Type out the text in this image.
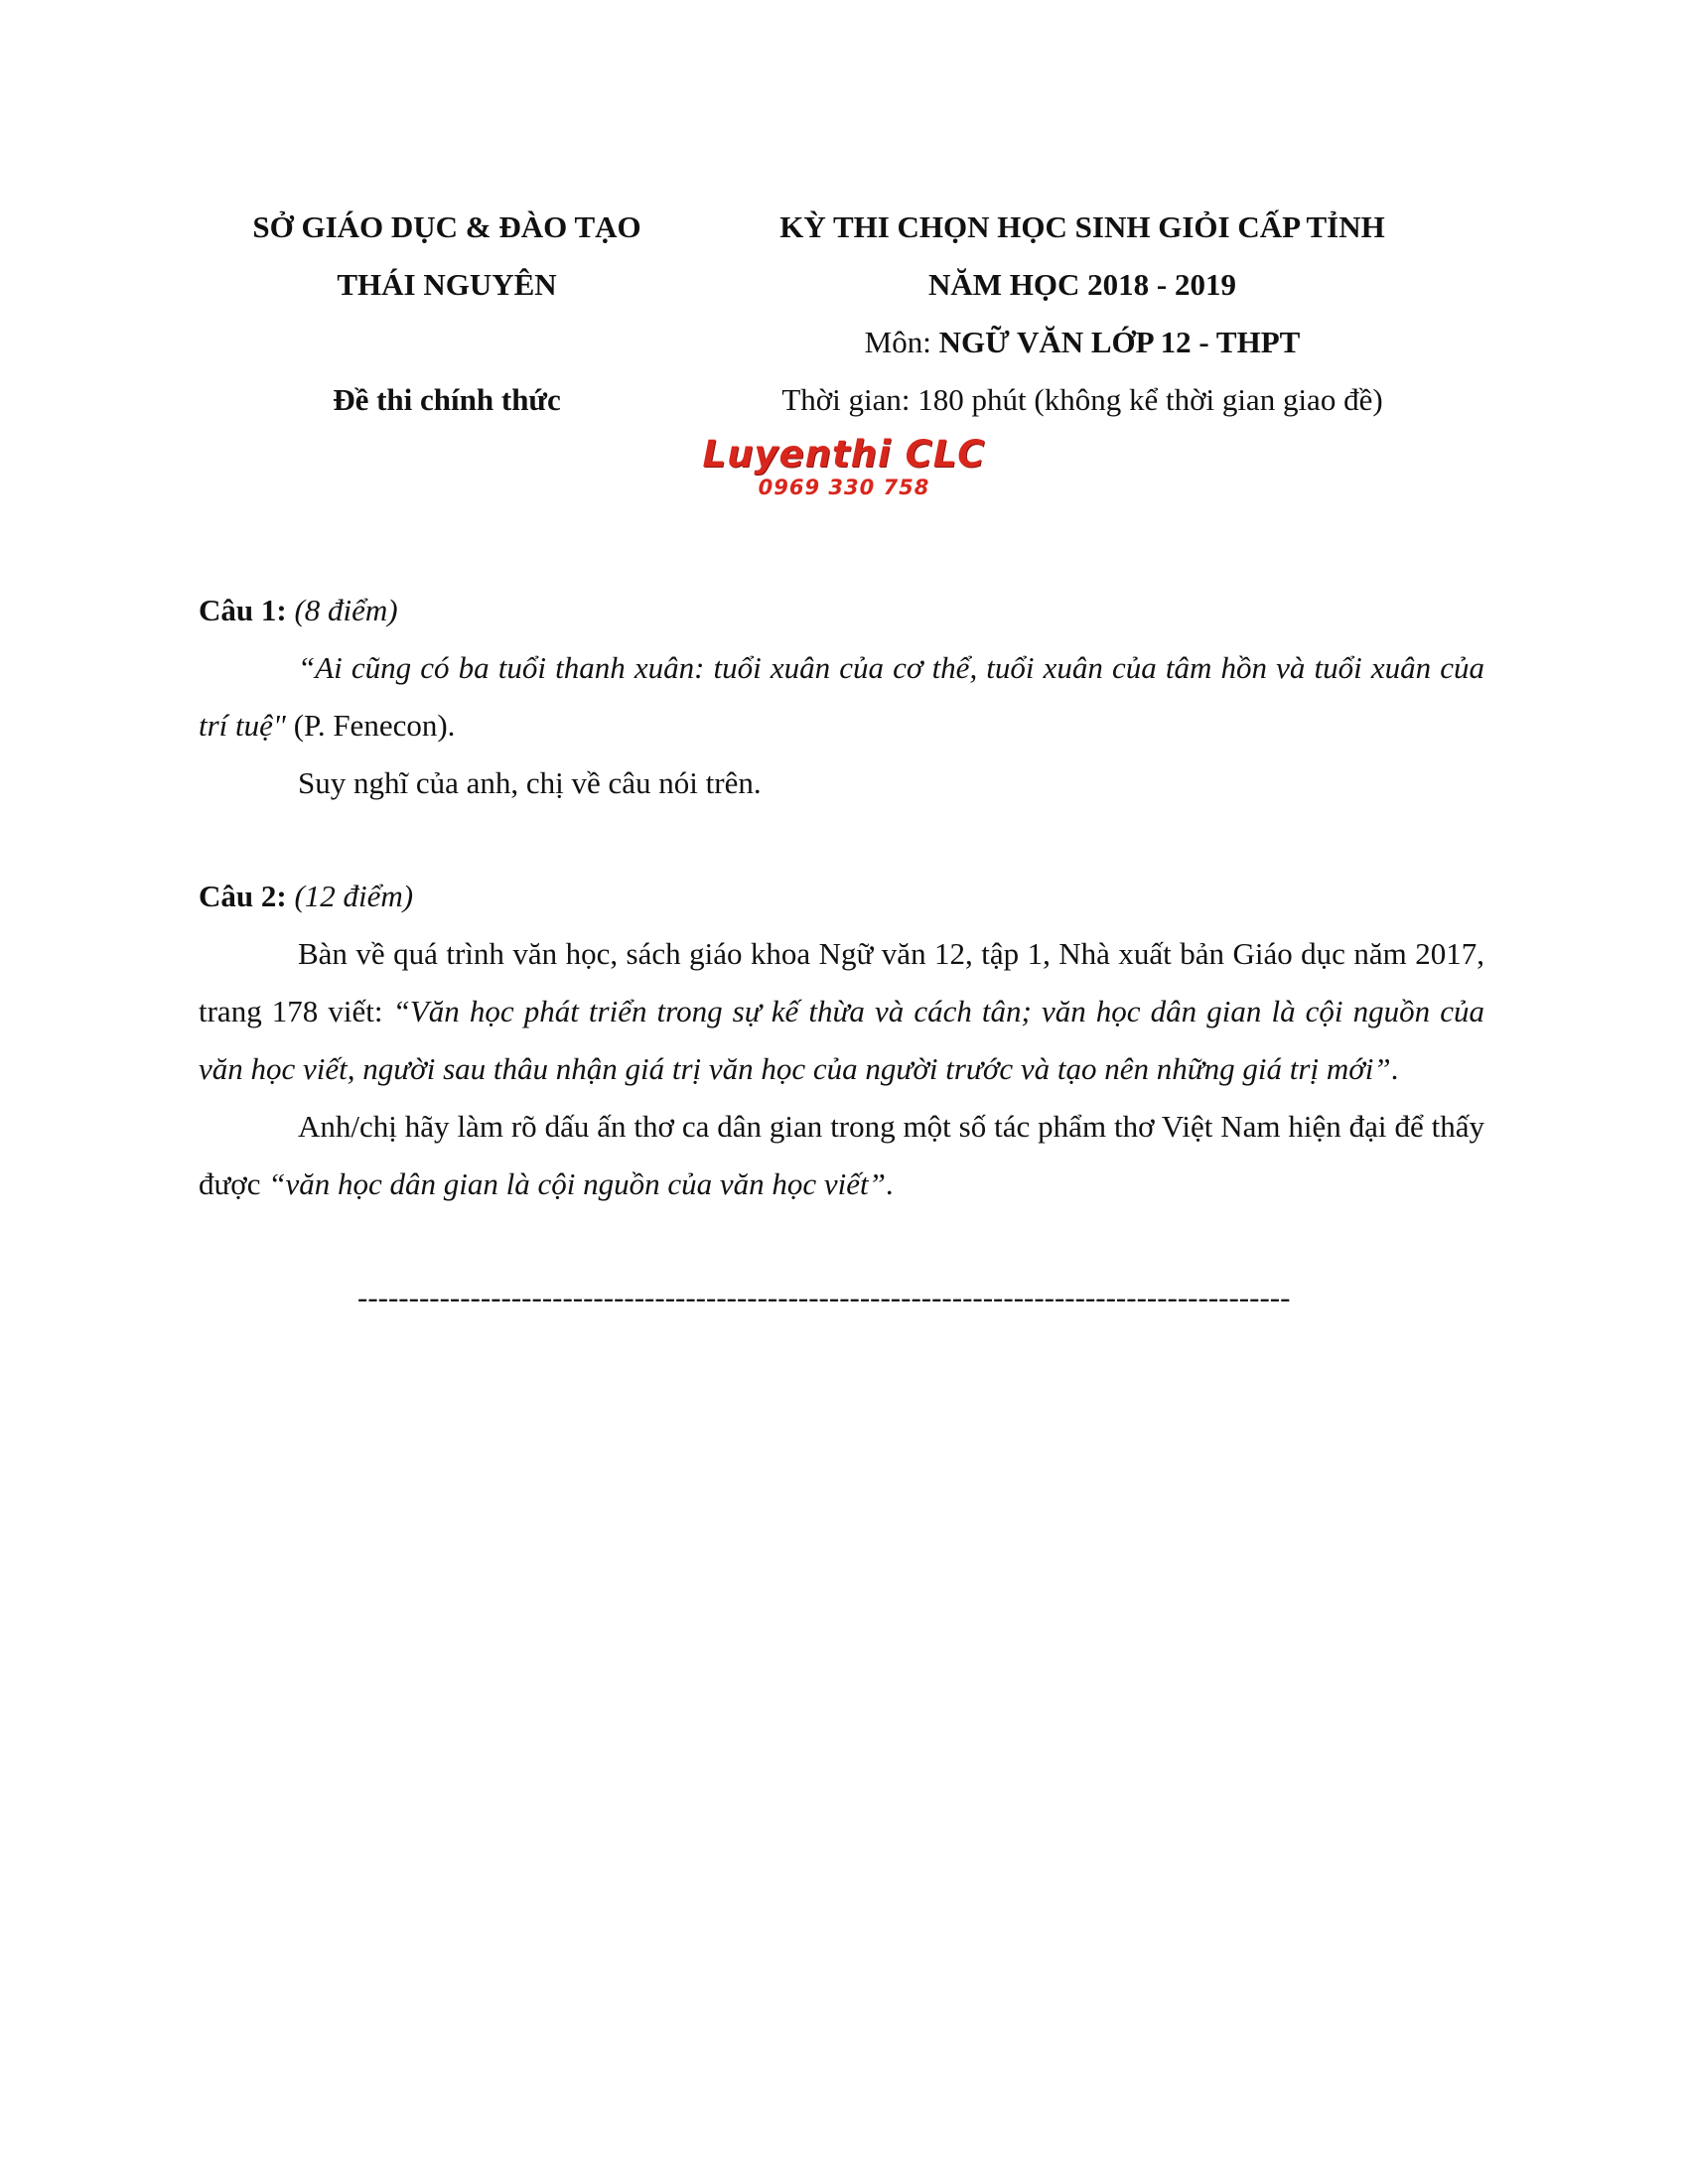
SỞ GIÁO DỤC & ĐÀO TẠO
THÁI NGUYÊN
Đề thi chính thức
KỲ THI CHỌN HỌC SINH GIỎI CẤP TỈNH
NĂM HỌC 2018 - 2019
Môn: NGỮ VĂN LỚP 12 - THPT
Thời gian: 180 phút (không kể thời gian giao đề)
Luyenthi CLC
0969 330 758

Câu 1: (8 điểm)

“Ai cũng có ba tuổi thanh xuân: tuổi xuân của cơ thể, tuổi xuân của tâm hồn và tuổi xuân của trí tuệ" (P. Fenecon).

Suy nghĩ của anh, chị về câu nói trên.

Câu 2: (12 điểm)

Bàn về quá trình văn học, sách giáo khoa Ngữ văn 12, tập 1, Nhà xuất bản Giáo dục năm 2017, trang 178 viết: “Văn học phát triển trong sự kế thừa và cách tân; văn học dân gian là cội nguồn của văn học viết, người sau thâu nhận giá trị văn học của người trước và tạo nên những giá trị mới”.

Anh/chị hãy làm rõ dấu ấn thơ ca dân gian trong một số tác phẩm thơ Việt Nam hiện đại để thấy được “văn học dân gian là cội nguồn của văn học viết”.

-------------------------------------------------------------------------------------------
